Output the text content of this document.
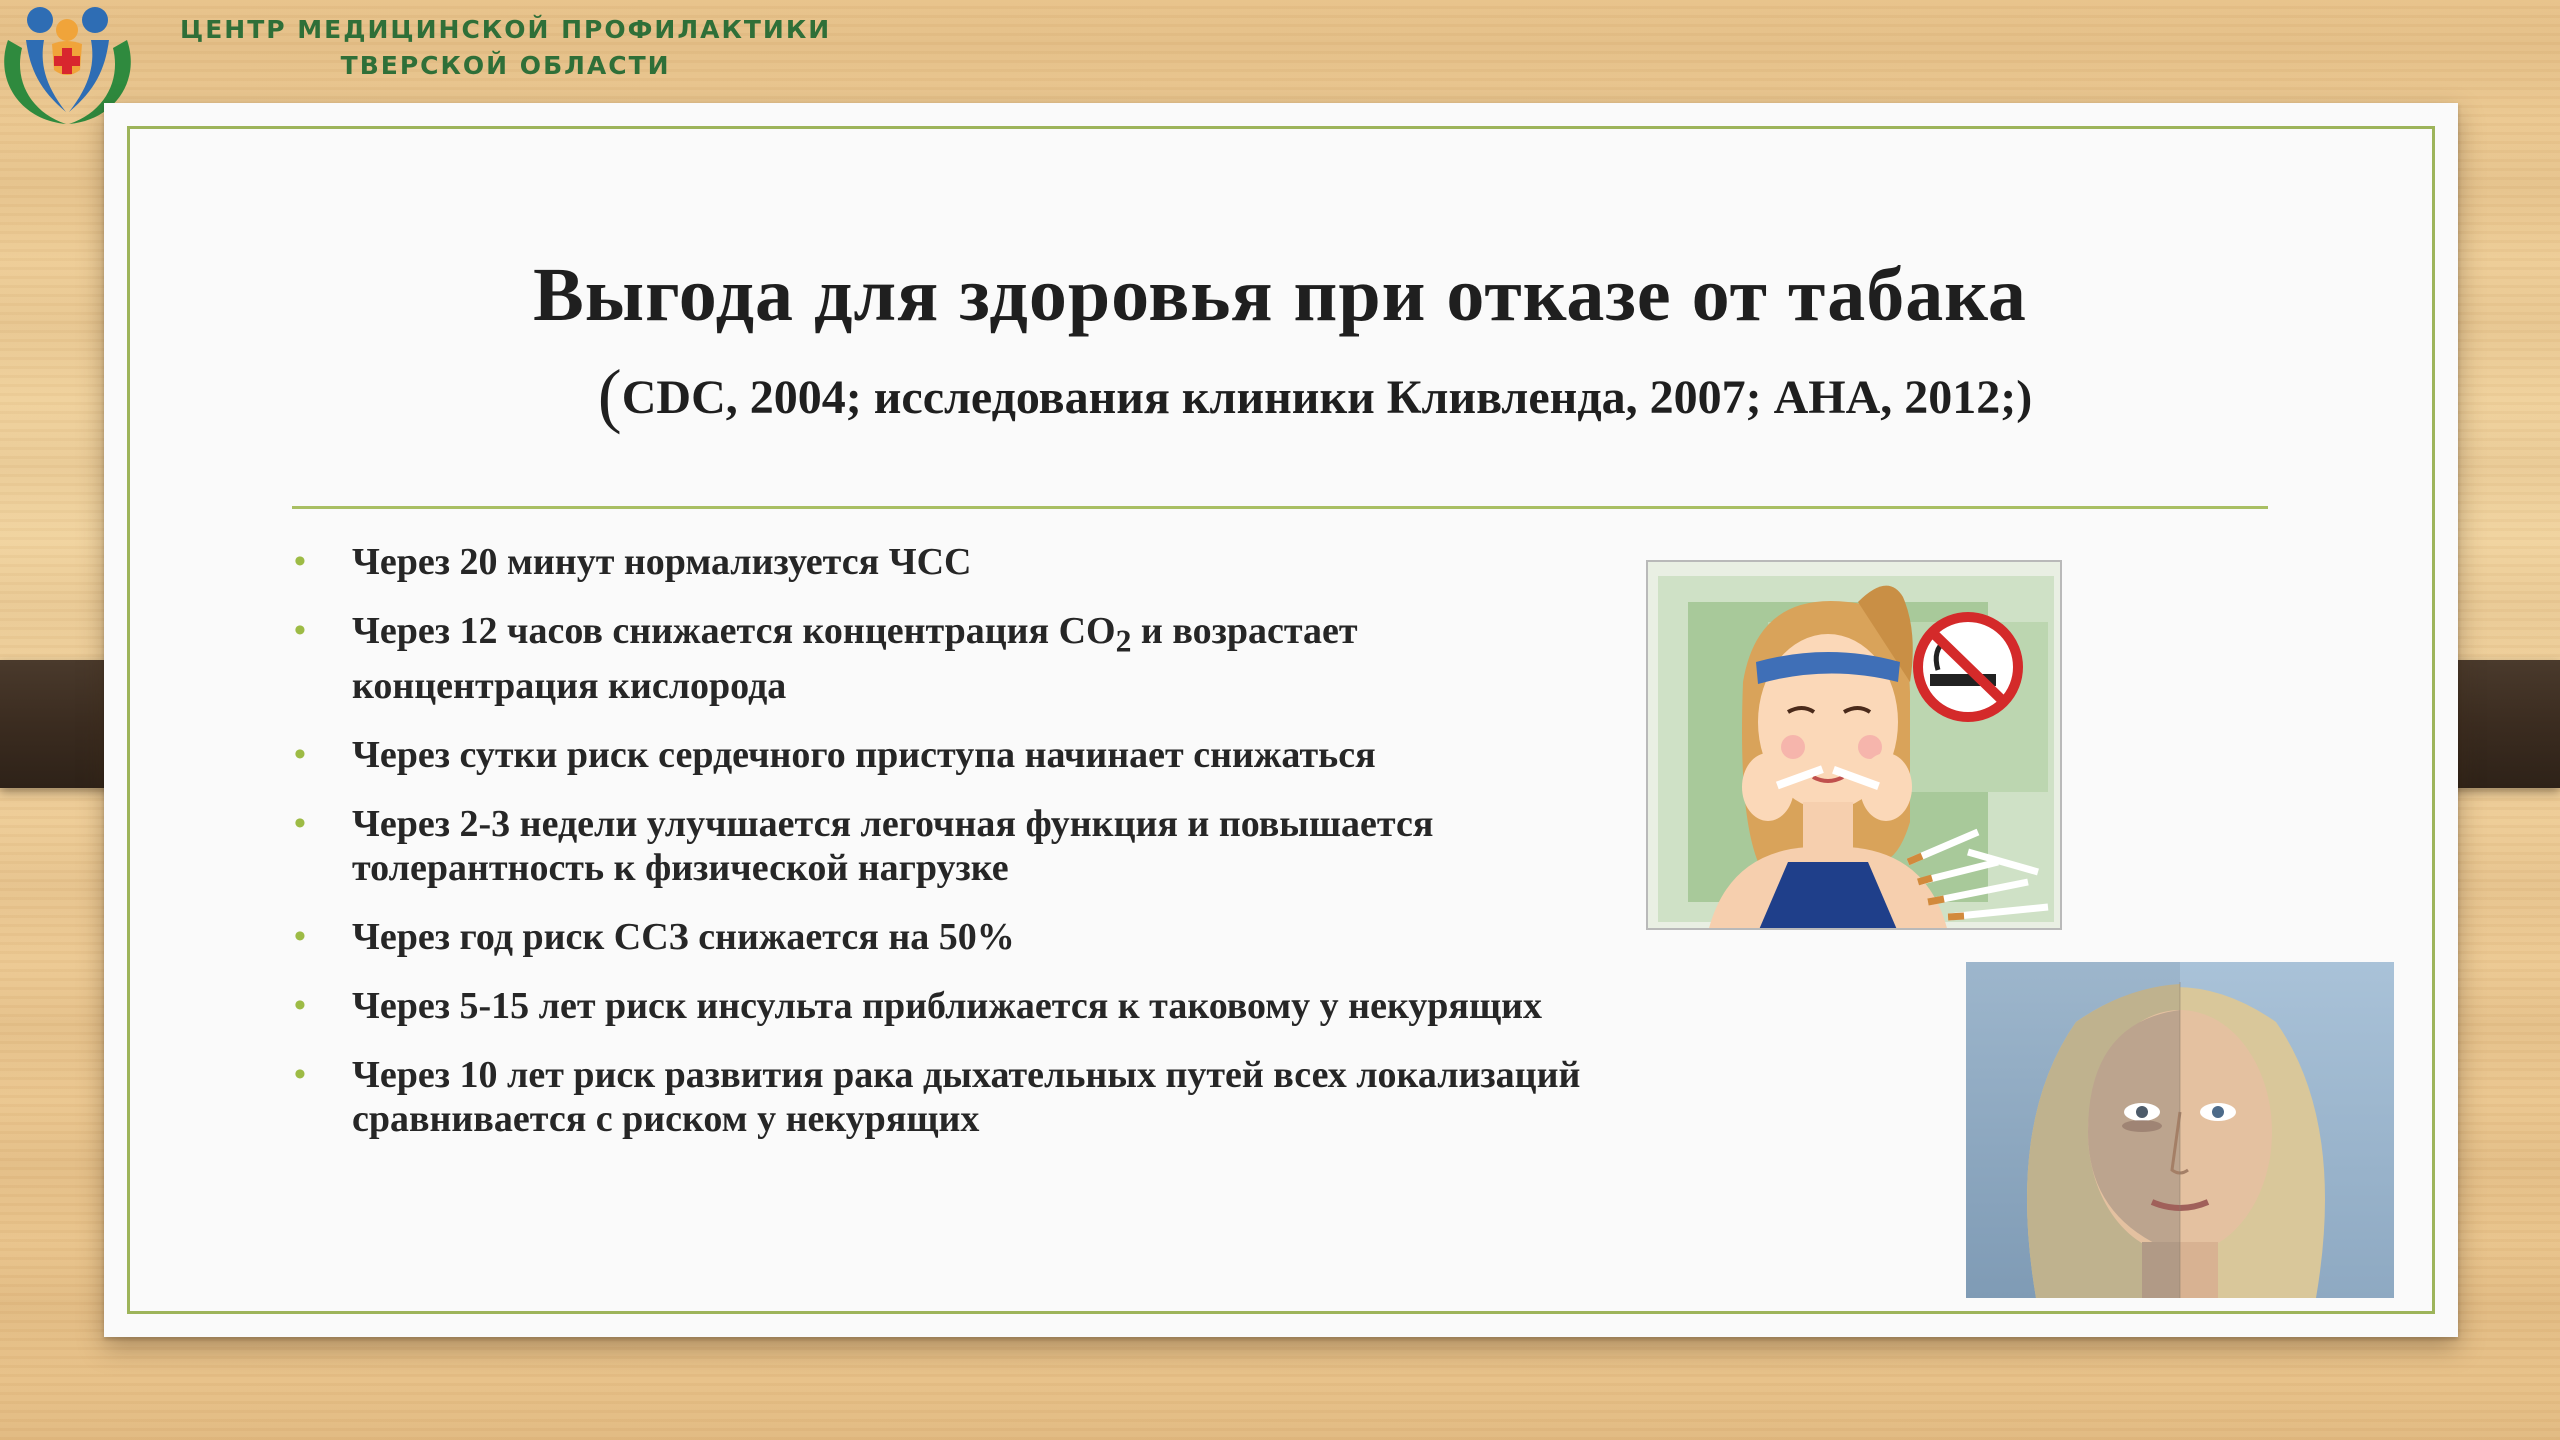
ЦЕНТР МЕДИЦИНСКОЙ ПРОФИЛАКТИКИ
ТВЕРСКОЙ ОБЛАСТИ
Выгода для здоровья при отказе от табака
(CDC, 2004; исследования клиники Кливленда, 2007; AHA, 2012;)
• Через 20 минут нормализуется ЧСС
• Через 12 часов снижается концентрация $СО_2$ и возрастает концентрация кислорода
• Через сутки риск сердечного приступа начинает снижаться
• Через 2-3 недели улучшается легочная функция и повышается толерантность к физической нагрузке
• Через год риск ССЗ снижается на 50%
• Через 5-15 лет риск инсульта приближается к таковому у некурящих
• Через 10 лет риск развития рака дыхательных путей всех локализаций сравнивается с риском у некурящих
